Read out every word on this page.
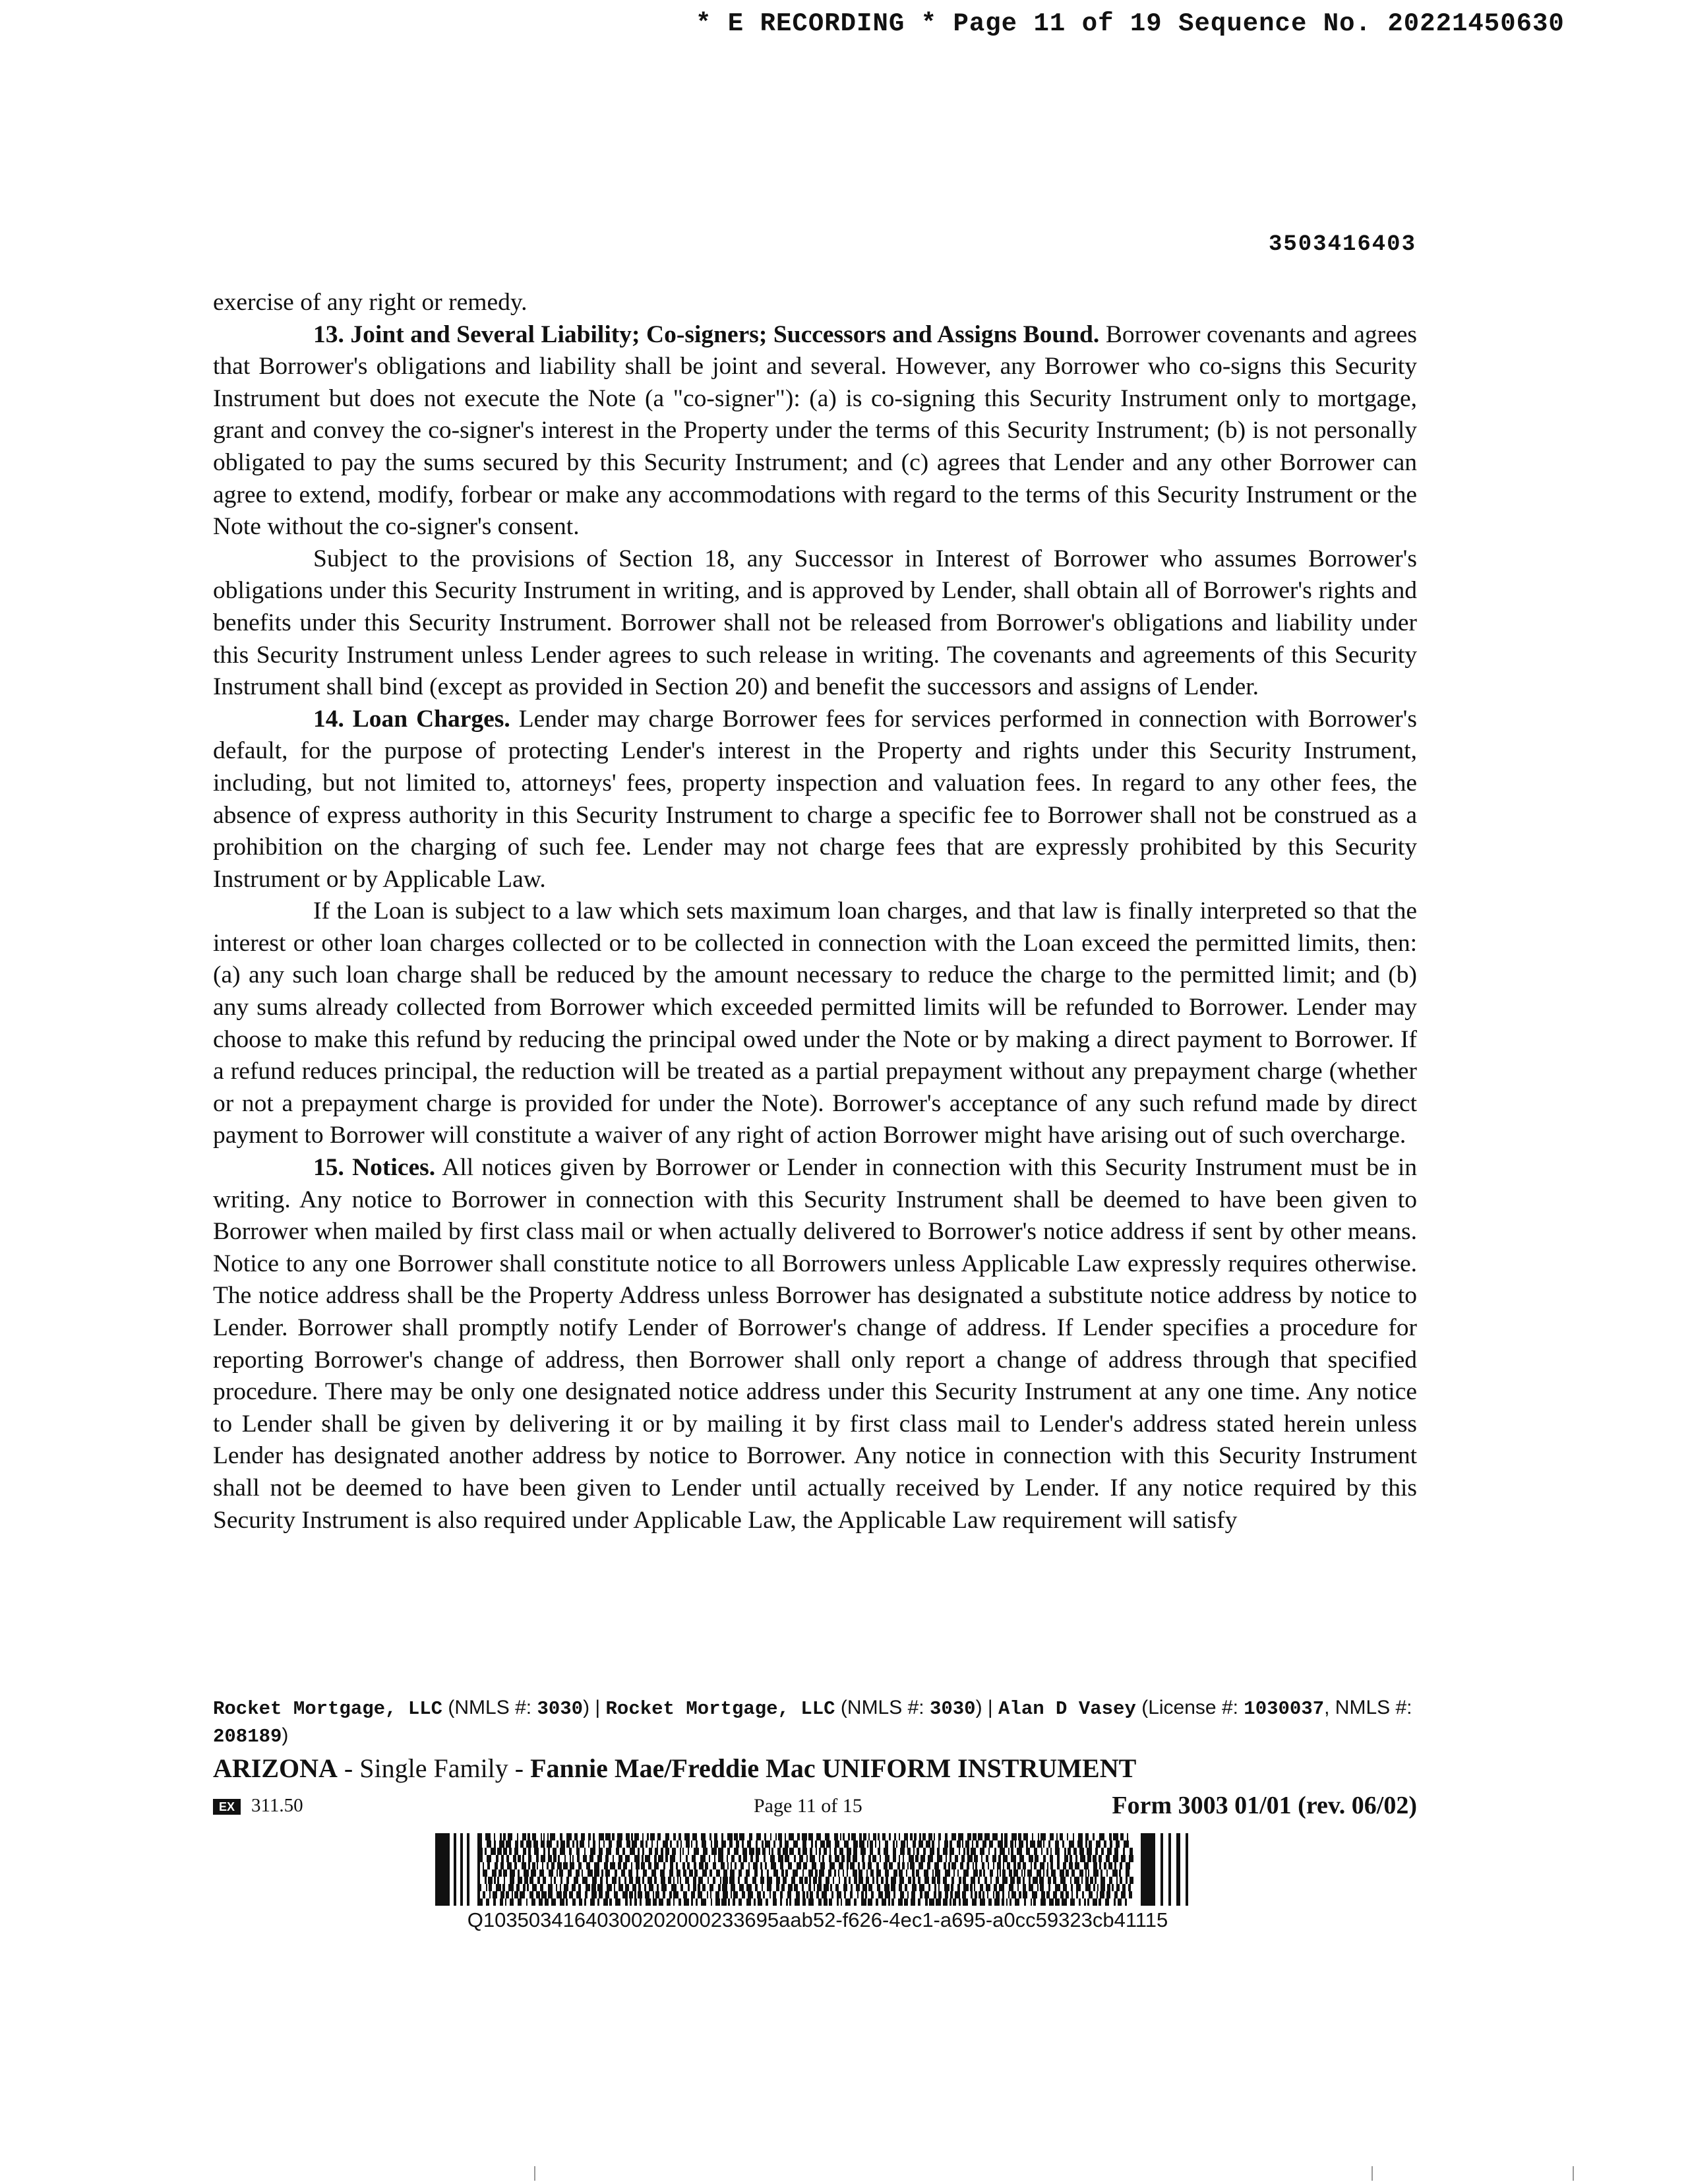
* E RECORDING * Page 11 of 19 Sequence No. 20221450630
3503416403

exercise of any right or remedy.

13. Joint and Several Liability; Co-signers; Successors and Assigns Bound. Borrower covenants and agrees that Borrower's obligations and liability shall be joint and several. However, any Borrower who co-signs this Security Instrument but does not execute the Note (a "co-signer"): (a) is co-signing this Security Instrument only to mortgage, grant and convey the co-signer's interest in the Property under the terms of this Security Instrument; (b) is not personally obligated to pay the sums secured by this Security Instrument; and (c) agrees that Lender and any other Borrower can agree to extend, modify, forbear or make any accommodations with regard to the terms of this Security Instrument or the Note without the co-signer's consent.

Subject to the provisions of Section 18, any Successor in Interest of Borrower who assumes Borrower's obligations under this Security Instrument in writing, and is approved by Lender, shall obtain all of Borrower's rights and benefits under this Security Instrument. Borrower shall not be released from Borrower's obligations and liability under this Security Instrument unless Lender agrees to such release in writing. The covenants and agreements of this Security Instrument shall bind (except as provided in Section 20) and benefit the successors and assigns of Lender.

14. Loan Charges. Lender may charge Borrower fees for services performed in connection with Borrower's default, for the purpose of protecting Lender's interest in the Property and rights under this Security Instrument, including, but not limited to, attorneys' fees, property inspection and valuation fees. In regard to any other fees, the absence of express authority in this Security Instrument to charge a specific fee to Borrower shall not be construed as a prohibition on the charging of such fee. Lender may not charge fees that are expressly prohibited by this Security Instrument or by Applicable Law.

If the Loan is subject to a law which sets maximum loan charges, and that law is finally interpreted so that the interest or other loan charges collected or to be collected in connection with the Loan exceed the permitted limits, then: (a) any such loan charge shall be reduced by the amount necessary to reduce the charge to the permitted limit; and (b) any sums already collected from Borrower which exceeded permitted limits will be refunded to Borrower. Lender may choose to make this refund by reducing the principal owed under the Note or by making a direct payment to Borrower. If a refund reduces principal, the reduction will be treated as a partial prepayment without any prepayment charge (whether or not a prepayment charge is provided for under the Note). Borrower's acceptance of any such refund made by direct payment to Borrower will constitute a waiver of any right of action Borrower might have arising out of such overcharge.

15. Notices. All notices given by Borrower or Lender in connection with this Security Instrument must be in writing. Any notice to Borrower in connection with this Security Instrument shall be deemed to have been given to Borrower when mailed by first class mail or when actually delivered to Borrower's notice address if sent by other means. Notice to any one Borrower shall constitute notice to all Borrowers unless Applicable Law expressly requires otherwise. The notice address shall be the Property Address unless Borrower has designated a substitute notice address by notice to Lender. Borrower shall promptly notify Lender of Borrower's change of address. If Lender specifies a procedure for reporting Borrower's change of address, then Borrower shall only report a change of address through that specified procedure. There may be only one designated notice address under this Security Instrument at any one time. Any notice to Lender shall be given by delivering it or by mailing it by first class mail to Lender's address stated herein unless Lender has designated another address by notice to Borrower. Any notice in connection with this Security Instrument shall not be deemed to have been given to Lender until actually received by Lender. If any notice required by this Security Instrument is also required under Applicable Law, the Applicable Law requirement will satisfy

Rocket Mortgage, LLC (NMLS #: 3030) | Rocket Mortgage, LLC (NMLS #: 3030) | Alan D Vasey (License #: 1030037, NMLS #: 208189)
ARIZONA - Single Family - Fannie Mae/Freddie Mac UNIFORM INSTRUMENT
EX 311.50	Page 11 of 15	Form 3003 01/01 (rev. 06/02)
Q10350341640300202000233695aab52-f626-4ec1-a695-a0cc59323cb41115
